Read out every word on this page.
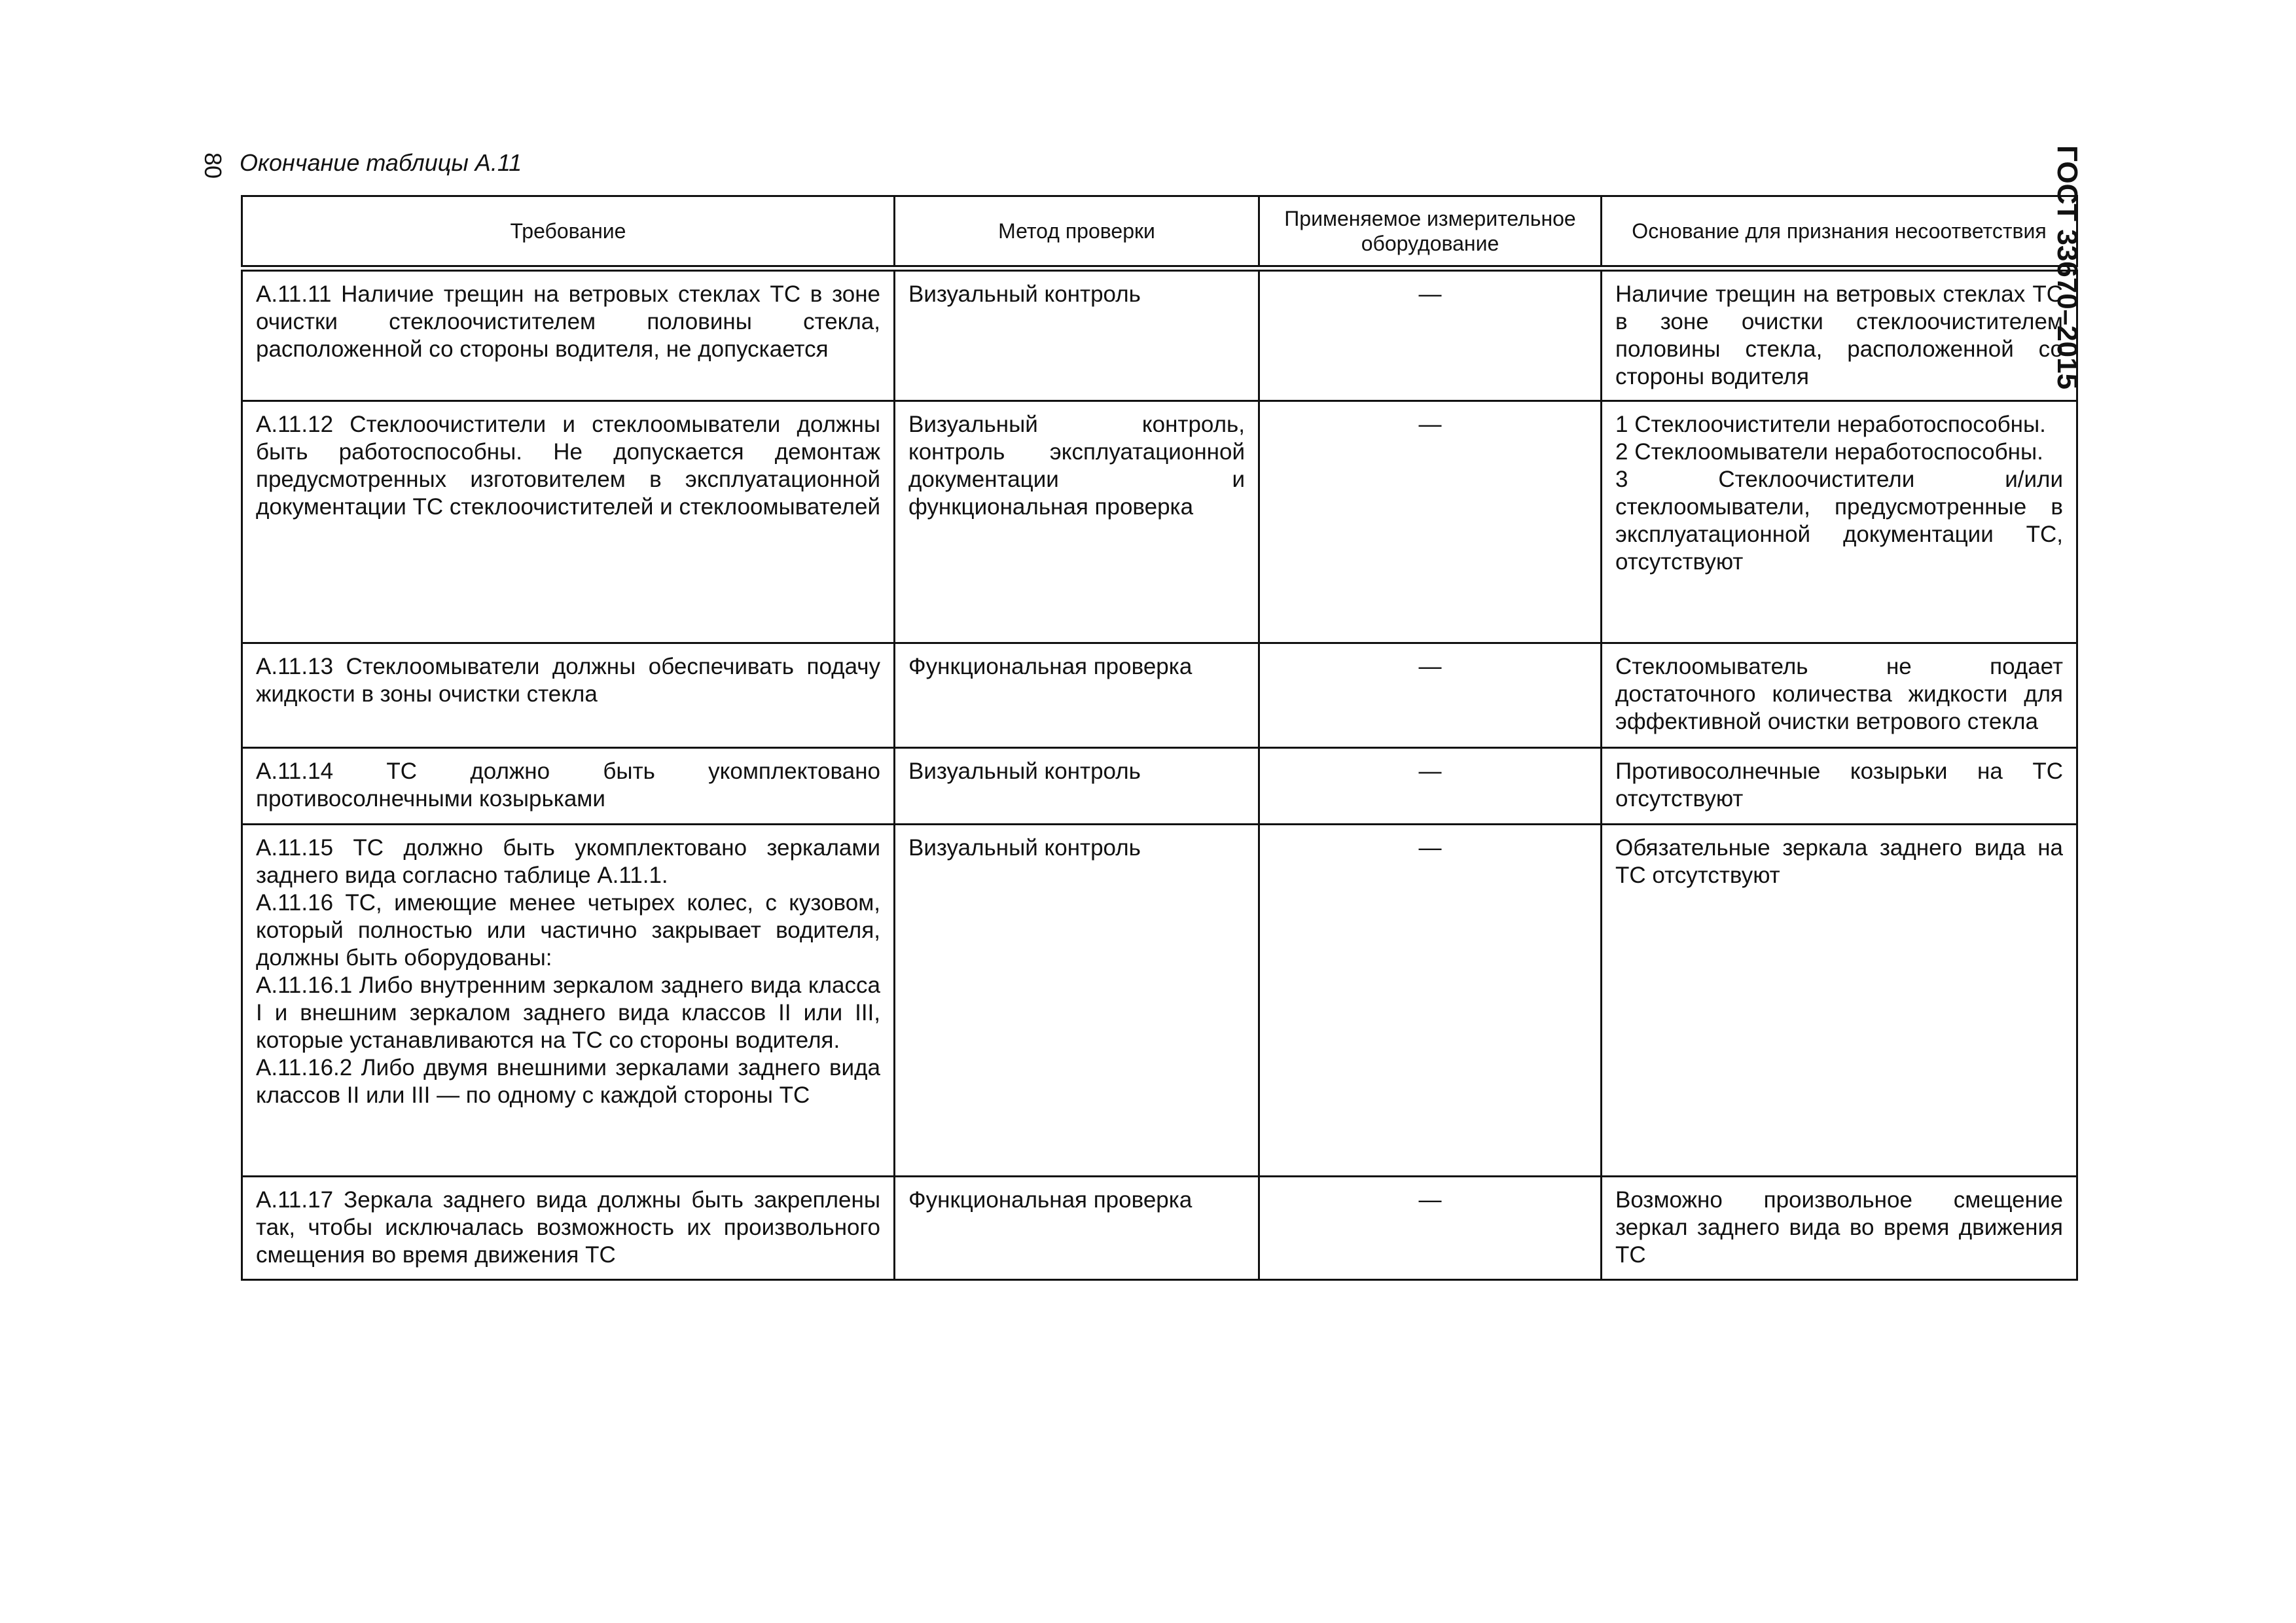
80 Окончание таблицы А.11	ГОСТ 33670–2015
Требование	Метод проверки	Применяемое измерительное оборудование	Основание для признания несоответствия

А.11.11 Наличие трещин на ветровых стеклах ТС в зоне очистки стеклоочистителем половины стекла, расположенной со стороны водителя, не допускается	Визуальный контроль	—	Наличие трещин на ветровых стеклах ТС в зоне очистки стеклоочистителем половины стекла, расположенной со стороны водителя

А.11.12 Стеклоочистители и стеклоомыватели должны быть работоспособны. Не допускается демонтаж предусмотренных изготовителем в эксплуатационной документации ТС стеклоочистителей и стеклоомывателей	Визуальный контроль, контроль эксплуатационной документации и функциональная проверка	—	1 Стеклоочистители неработоспособны.
2 Стеклоомыватели неработоспособны.
3 Стеклоочистители и/или стеклоомыватели, предусмотренные в эксплуатационной документации ТС, отсутствуют

А.11.13 Стеклоомыватели должны обеспечивать подачу жидкости в зоны очистки стекла	Функциональная проверка	—	Стеклоомыватель не подает достаточного количества жидкости для эффективной очистки ветрового стекла

А.11.14 ТС должно быть укомплектовано противосолнечными козырьками	Визуальный контроль	—	Противосолнечные козырьки на ТС отсутствуют

А.11.15 ТС должно быть укомплектовано зеркалами заднего вида согласно таблице А.11.1.
А.11.16 ТС, имеющие менее четырех колес, с кузовом, который полностью или частично закрывает водителя, должны быть оборудованы:
А.11.16.1 Либо внутренним зеркалом заднего вида класса I и внешним зеркалом заднего вида классов II или III, которые устанавливаются на ТС со стороны водителя.
А.11.16.2 Либо двумя внешними зеркалами заднего вида классов II или III — по одному с каждой стороны ТС	Визуальный контроль	—	Обязательные зеркала заднего вида на ТС отсутствуют

А.11.17 Зеркала заднего вида должны быть закреплены так, чтобы исключалась возможность их произвольного смещения во время движения ТС	Функциональная проверка	—	Возможно произвольное смещение зеркал заднего вида во время движения ТС
